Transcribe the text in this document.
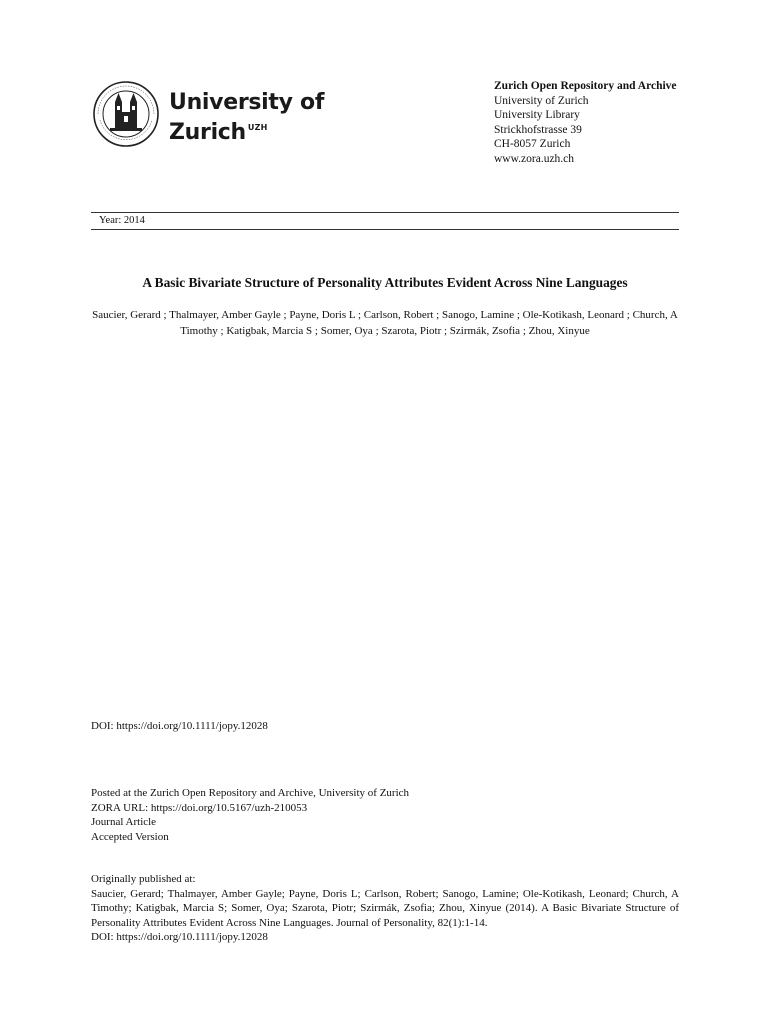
University of
Zurich $^{UZH}$
Zurich Open Repository and Archive
University of Zurich
University Library
Strickhofstrasse 39
CH-8057 Zurich
www.zora.uzh.ch
Year: 2014
A Basic Bivariate Structure of Personality Attributes Evident Across Nine Languages
Saucier, Gerard ; Thalmayer, Amber Gayle ; Payne, Doris L ; Carlson, Robert ; Sanogo, Lamine ; Ole-Kotikash, Leonard ; Church, A Timothy ; Katigbak, Marcia S ; Somer, Oya ; Szarota, Piotr ; Szirmák, Zsofia ; Zhou, Xinyue
DOI: https://doi.org/10.1111/jopy.12028
Posted at the Zurich Open Repository and Archive, University of Zurich
ZORA URL: https://doi.org/10.5167/uzh-210053
Journal Article
Accepted Version
Originally published at:
Saucier, Gerard; Thalmayer, Amber Gayle; Payne, Doris L; Carlson, Robert; Sanogo, Lamine; Ole-Kotikash, Leonard; Church, A Timothy; Katigbak, Marcia S; Somer, Oya; Szarota, Piotr; Szirmák, Zsofia; Zhou, Xinyue (2014). A Basic Bivariate Structure of Personality Attributes Evident Across Nine Languages. Journal of Personality, 82(1):1-14.
DOI: https://doi.org/10.1111/jopy.12028
